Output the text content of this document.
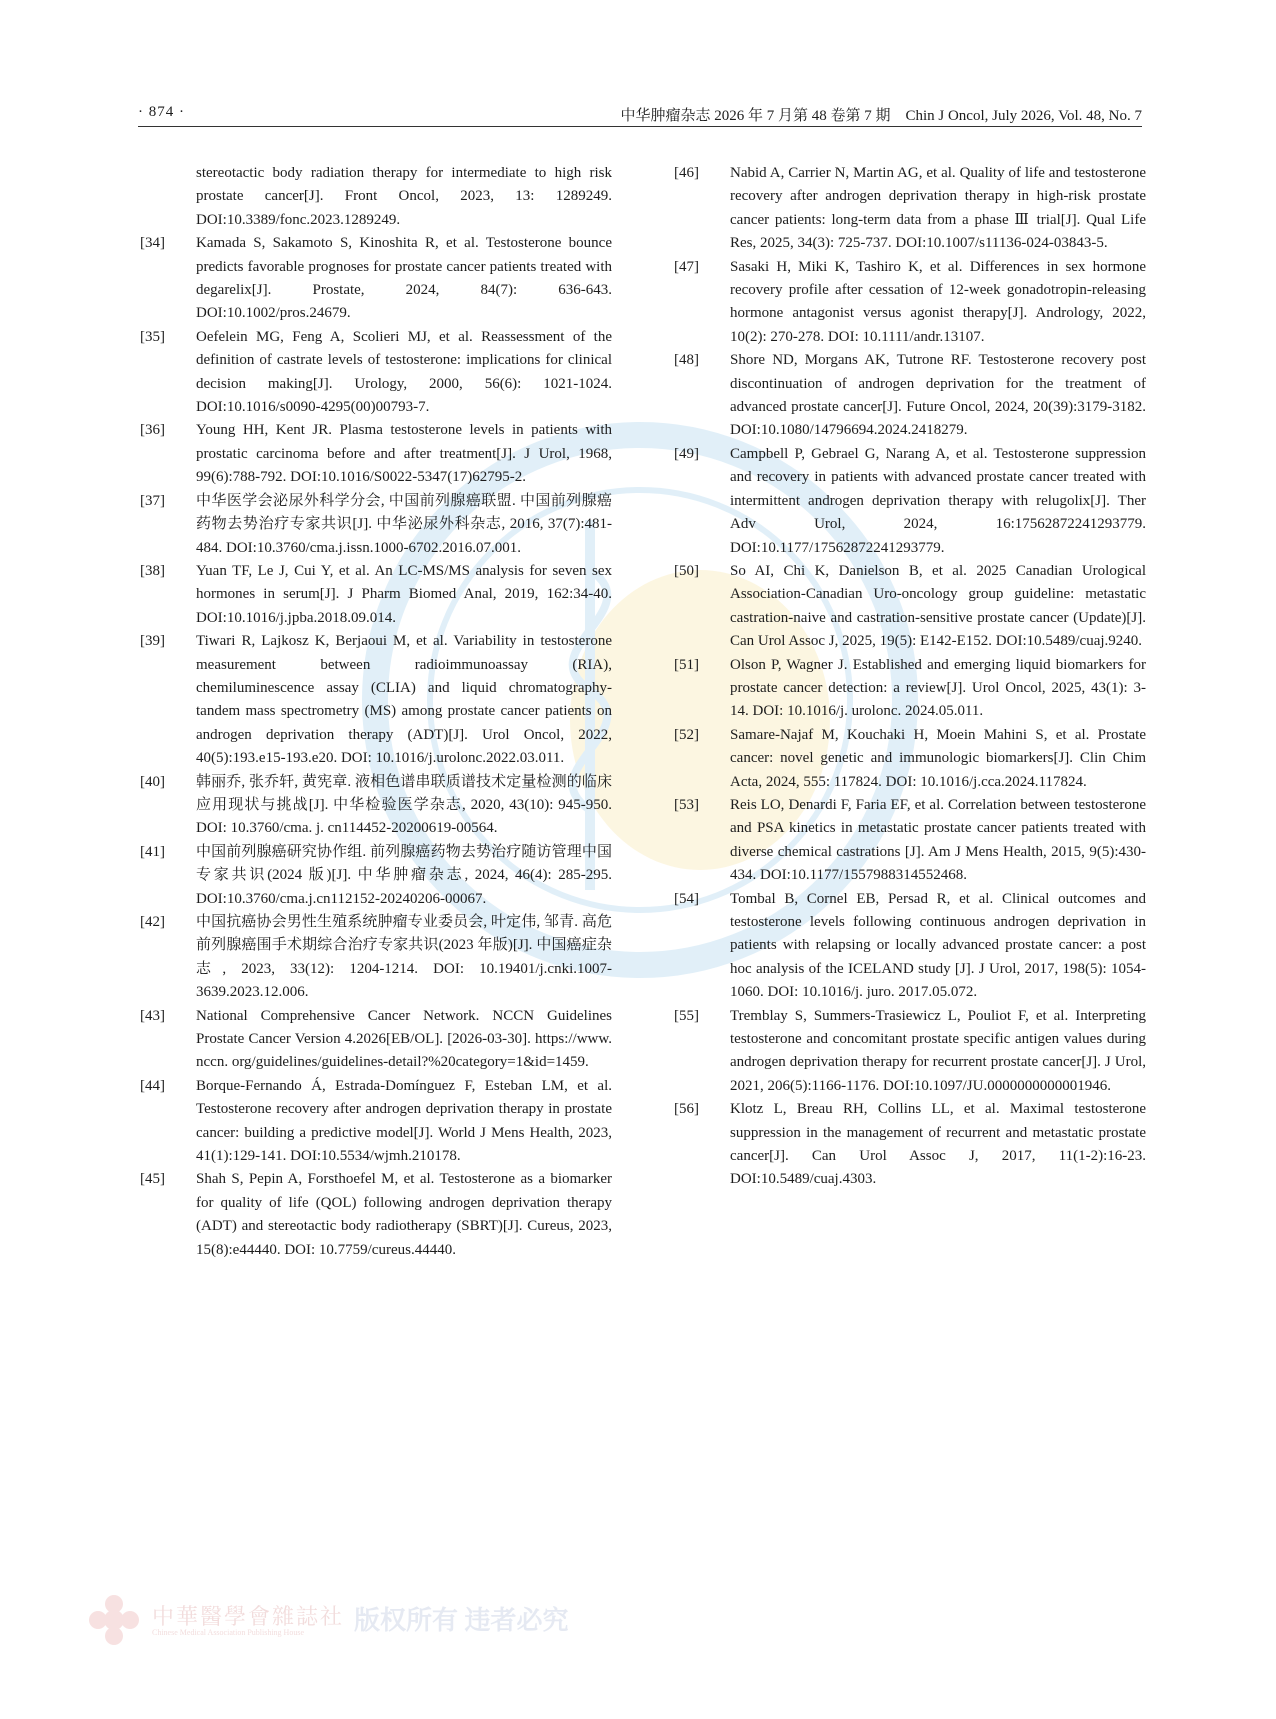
· 874 ·	中华肿瘤杂志 2026 年 7 月第 48 卷第 7 期　Chin J Oncol, July 2026, Vol. 48, No. 7
stereotactic body radiation therapy for intermediate to high risk prostate cancer[J]. Front Oncol, 2023, 13: 1289249. DOI:10.3389/fonc.2023.1289249.
[34] Kamada S, Sakamoto S, Kinoshita R, et al. Testosterone bounce predicts favorable prognoses for prostate cancer patients treated with degarelix[J]. Prostate, 2024, 84(7): 636-643. DOI:10.1002/pros.24679.
[35] Oefelein MG, Feng A, Scolieri MJ, et al. Reassessment of the definition of castrate levels of testosterone: implications for clinical decision making[J]. Urology, 2000, 56(6): 1021-1024. DOI:10.1016/s0090-4295(00)00793-7.
[36] Young HH, Kent JR. Plasma testosterone levels in patients with prostatic carcinoma before and after treatment[J]. J Urol, 1968, 99(6):788-792. DOI:10.1016/S0022-5347(17)62795-2.
[37] 中华医学会泌尿外科学分会, 中国前列腺癌联盟. 中国前列腺癌药物去势治疗专家共识[J]. 中华泌尿外科杂志, 2016, 37(7):481-484. DOI:10.3760/cma.j.issn.1000-6702.2016.07.001.
[38] Yuan TF, Le J, Cui Y, et al. An LC-MS/MS analysis for seven sex hormones in serum[J]. J Pharm Biomed Anal, 2019, 162:34-40. DOI:10.1016/j.jpba.2018.09.014.
[39] Tiwari R, Lajkosz K, Berjaoui M, et al. Variability in testosterone measurement between radioimmunoassay (RIA), chemiluminescence assay (CLIA) and liquid chromatography-tandem mass spectrometry (MS) among prostate cancer patients on androgen deprivation therapy (ADT)[J]. Urol Oncol, 2022, 40(5):193.e15-193.e20. DOI: 10.1016/j.urolonc.2022.03.011.
[40] 韩丽乔, 张乔轩, 黄宪章. 液相色谱串联质谱技术定量检测的临床应用现状与挑战[J]. 中华检验医学杂志, 2020, 43(10): 945-950. DOI: 10.3760/cma. j. cn114452-20200619-00564.
[41] 中国前列腺癌研究协作组. 前列腺癌药物去势治疗随访管理中国专家共识(2024 版)[J]. 中华肿瘤杂志, 2024, 46(4): 285-295. DOI:10.3760/cma.j.cn112152-20240206-00067.
[42] 中国抗癌协会男性生殖系统肿瘤专业委员会, 叶定伟, 邹青. 高危前列腺癌围手术期综合治疗专家共识(2023 年版)[J]. 中国癌症杂志, 2023, 33(12): 1204-1214. DOI: 10.19401/j.cnki.1007-3639.2023.12.006.
[43] National Comprehensive Cancer Network. NCCN Guidelines Prostate Cancer Version 4.2026[EB/OL]. [2026-03-30]. https://www. nccn. org/guidelines/guidelines-detail?%20category=1&id=1459.
[44] Borque-Fernando Á, Estrada-Domínguez F, Esteban LM, et al. Testosterone recovery after androgen deprivation therapy in prostate cancer: building a predictive model[J]. World J Mens Health, 2023, 41(1):129-141. DOI:10.5534/wjmh.210178.
[45] Shah S, Pepin A, Forsthoefel M, et al. Testosterone as a biomarker for quality of life (QOL) following androgen deprivation therapy (ADT) and stereotactic body radiotherapy (SBRT)[J]. Cureus, 2023, 15(8):e44440. DOI: 10.7759/cureus.44440.
[46] Nabid A, Carrier N, Martin AG, et al. Quality of life and testosterone recovery after androgen deprivation therapy in high-risk prostate cancer patients: long-term data from a phase Ⅲ trial[J]. Qual Life Res, 2025, 34(3): 725-737. DOI:10.1007/s11136-024-03843-5.
[47] Sasaki H, Miki K, Tashiro K, et al. Differences in sex hormone recovery profile after cessation of 12-week gonadotropin-releasing hormone antagonist versus agonist therapy[J]. Andrology, 2022, 10(2): 270-278. DOI: 10.1111/andr.13107.
[48] Shore ND, Morgans AK, Tutrone RF. Testosterone recovery post discontinuation of androgen deprivation for the treatment of advanced prostate cancer[J]. Future Oncol, 2024, 20(39):3179-3182. DOI:10.1080/14796694.2024.2418279.
[49] Campbell P, Gebrael G, Narang A, et al. Testosterone suppression and recovery in patients with advanced prostate cancer treated with intermittent androgen deprivation therapy with relugolix[J]. Ther Adv Urol, 2024, 16:17562872241293779. DOI:10.1177/17562872241293779.
[50] So AI, Chi K, Danielson B, et al. 2025 Canadian Urological Association-Canadian Uro-oncology group guideline: metastatic castration-naive and castration-sensitive prostate cancer (Update)[J]. Can Urol Assoc J, 2025, 19(5): E142-E152. DOI:10.5489/cuaj.9240.
[51] Olson P, Wagner J. Established and emerging liquid biomarkers for prostate cancer detection: a review[J]. Urol Oncol, 2025, 43(1): 3-14. DOI: 10.1016/j. urolonc. 2024.05.011.
[52] Samare-Najaf M, Kouchaki H, Moein Mahini S, et al. Prostate cancer: novel genetic and immunologic biomarkers[J]. Clin Chim Acta, 2024, 555: 117824. DOI: 10.1016/j.cca.2024.117824.
[53] Reis LO, Denardi F, Faria EF, et al. Correlation between testosterone and PSA kinetics in metastatic prostate cancer patients treated with diverse chemical castrations [J]. Am J Mens Health, 2015, 9(5):430-434. DOI:10.1177/1557988314552468.
[54] Tombal B, Cornel EB, Persad R, et al. Clinical outcomes and testosterone levels following continuous androgen deprivation in patients with relapsing or locally advanced prostate cancer: a post hoc analysis of the ICELAND study [J]. J Urol, 2017, 198(5): 1054-1060. DOI: 10.1016/j. juro. 2017.05.072.
[55] Tremblay S, Summers-Trasiewicz L, Pouliot F, et al. Interpreting testosterone and concomitant prostate specific antigen values during androgen deprivation therapy for recurrent prostate cancer[J]. J Urol, 2021, 206(5):1166-1176. DOI:10.1097/JU.0000000000001946.
[56] Klotz L, Breau RH, Collins LL, et al. Maximal testosterone suppression in the management of recurrent and metastatic prostate cancer[J]. Can Urol Assoc J, 2017, 11(1-2):16-23. DOI:10.5489/cuaj.4303.
中華醫學會雜誌社
Chinese Medical Association Publishing House 版权所有 违者必究
